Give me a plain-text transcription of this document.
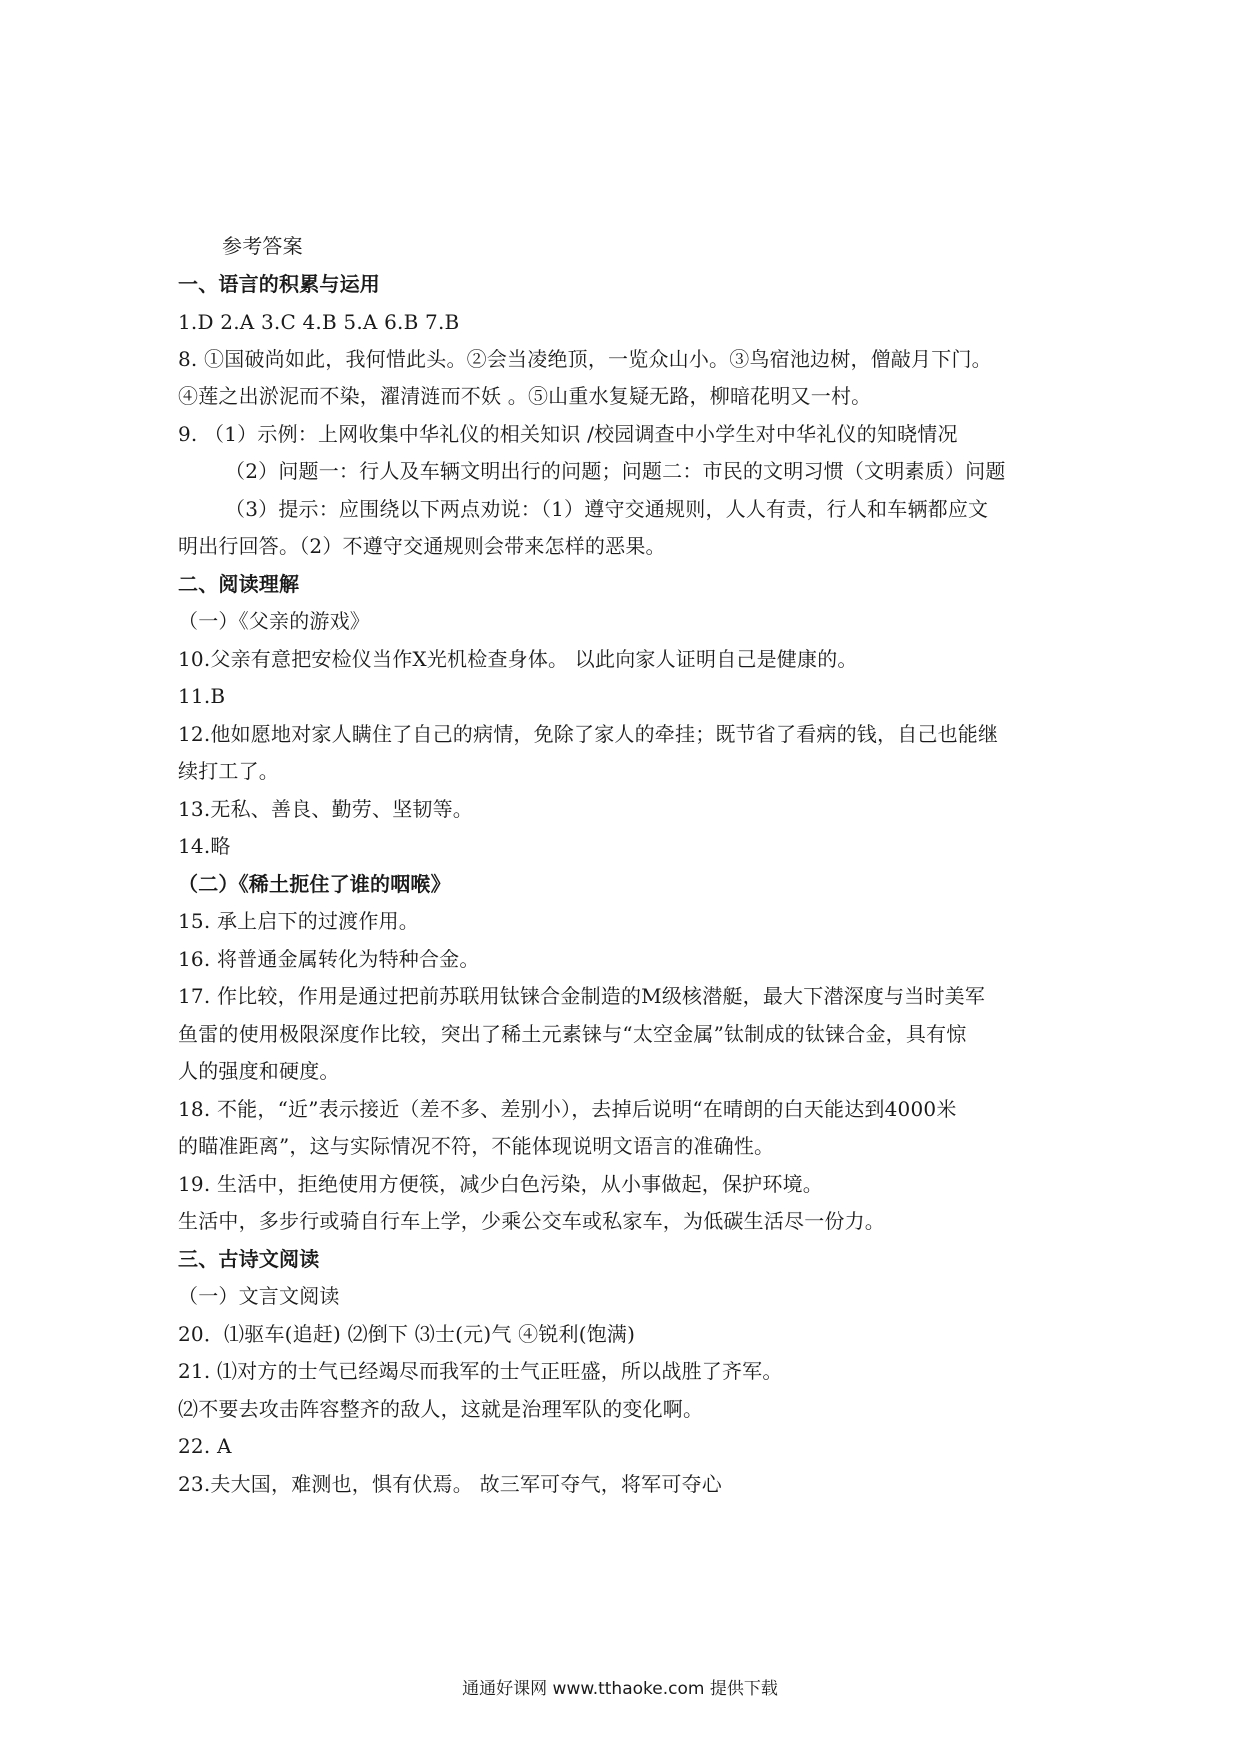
参考答案
一、语言的积累与运用
1.D 2.A 3.C 4.B 5.A 6.B 7.B
8. ①国破尚如此，我何惜此头。②会当凌绝顶，一览众山小。③鸟宿池边树，僧敲月下门。
④莲之出淤泥而不染，濯清涟而不妖 。⑤山重水复疑无路，柳暗花明又一村。
9. （1）示例：上网收集中华礼仪的相关知识 /校园调查中小学生对中华礼仪的知晓情况
（2）问题一：行人及车辆文明出行的问题；问题二：市民的文明习惯（文明素质）问题
（3）提示：应围绕以下两点劝说：（1）遵守交通规则，人人有责，行人和车辆都应文
明出行回答。（2）不遵守交通规则会带来怎样的恶果。
二、阅读理解
（一）《父亲的游戏》
10.父亲有意把安检仪当作X光机检查身体。 以此向家人证明自己是健康的。
11.B
12.他如愿地对家人瞒住了自己的病情，免除了家人的牵挂；既节省了看病的钱，自己也能继
续打工了。
13.无私、善良、勤劳、坚韧等。
14.略
（二）《稀土扼住了谁的咽喉》
15. 承上启下的过渡作用。
16. 将普通金属转化为特种合金。
17. 作比较，作用是通过把前苏联用钛铼合金制造的M级核潜艇，最大下潜深度与当时美军
鱼雷的使用极限深度作比较，突出了稀土元素铼与“太空金属”钛制成的钛铼合金，具有惊
人的强度和硬度。
18. 不能，“近”表示接近（差不多、差别小），去掉后说明“在晴朗的白天能达到4000米
的瞄准距离”，这与实际情况不符，不能体现说明文语言的准确性。
19. 生活中，拒绝使用方便筷，减少白色污染，从小事做起，保护环境。
生活中，多步行或骑自行车上学，少乘公交车或私家车，为低碳生活尽一份力。
三、古诗文阅读
（一）文言文阅读
20．⑴驱车(追赶) ⑵倒下 ⑶士(元)气 ④锐利(饱满)
21. ⑴对方的士气已经竭尽而我军的士气正旺盛，所以战胜了齐军。
⑵不要去攻击阵容整齐的敌人，这就是治理军队的变化啊。
22. A
23.夫大国，难测也，惧有伏焉。 故三军可夺气，将军可夺心
通通好课网 www.tthaoke.com 提供下载
